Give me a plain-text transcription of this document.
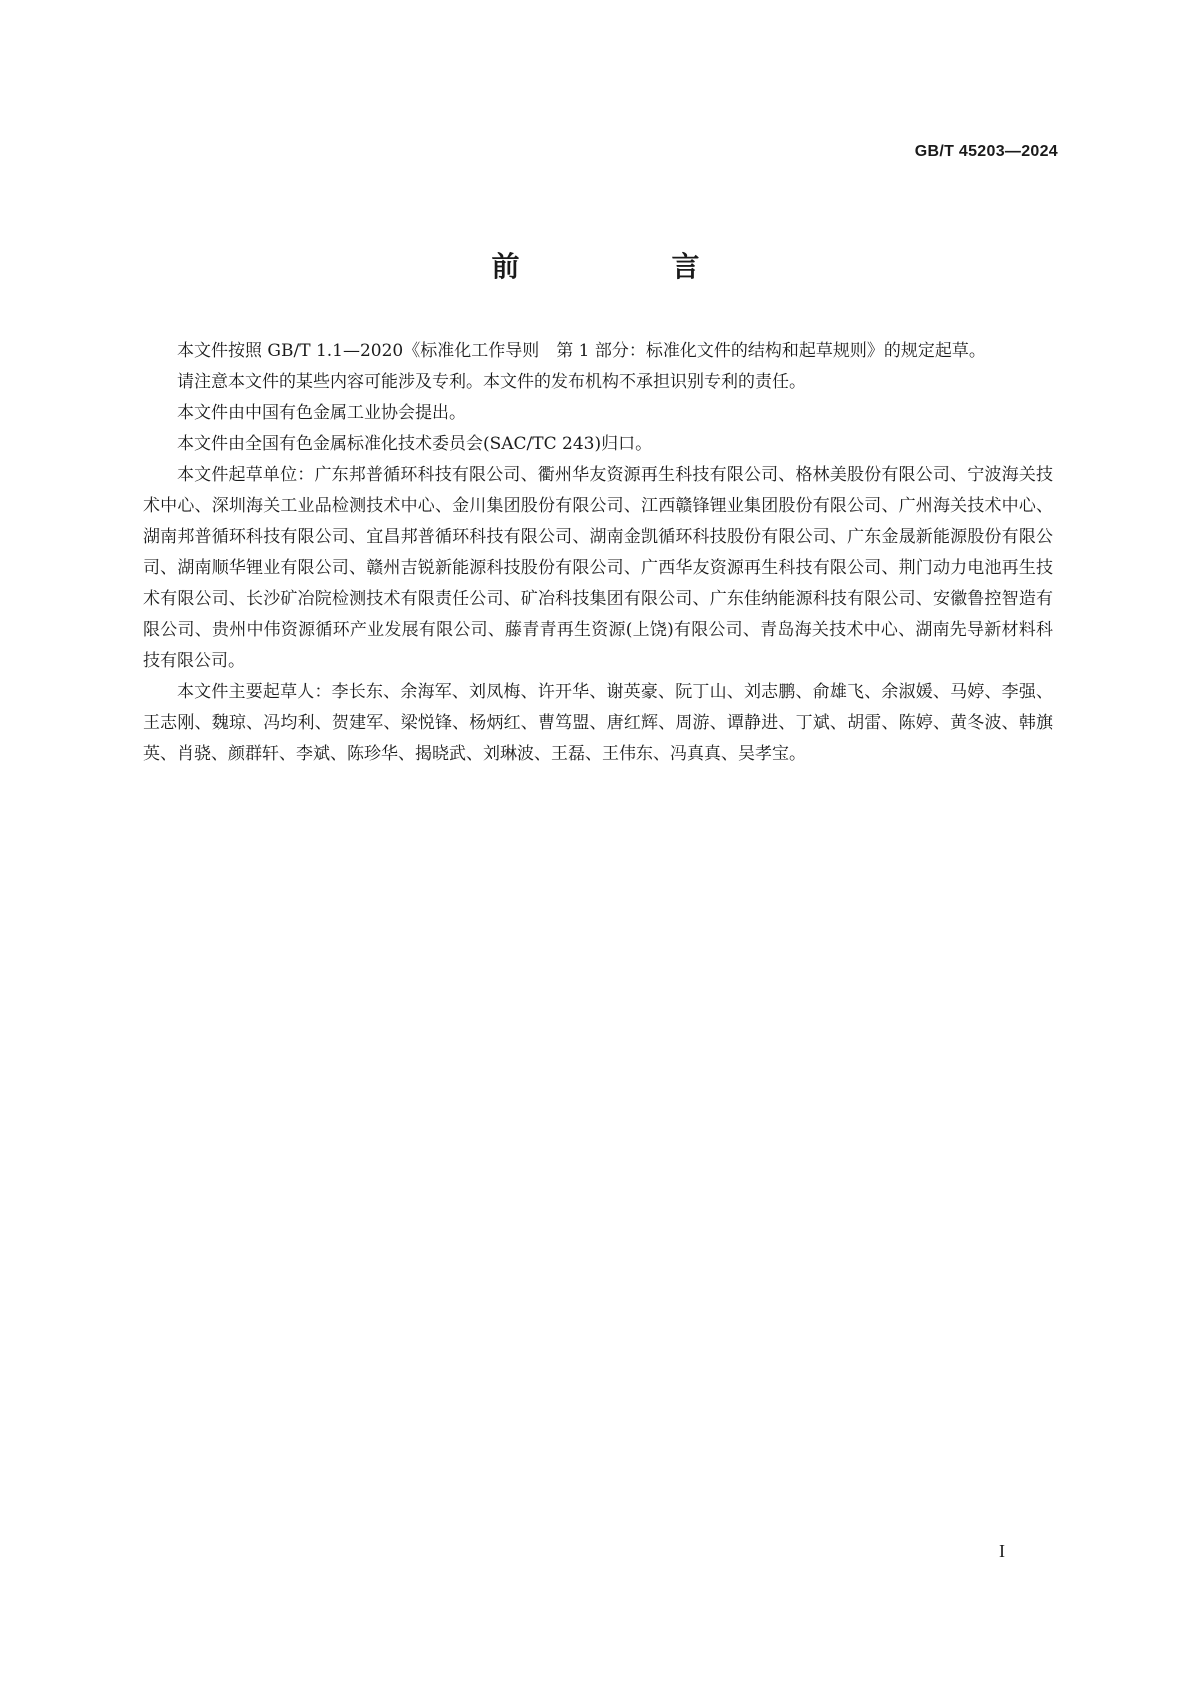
GB/T 45203—2024
前　言

本文件按照 GB/T 1.1—2020《标准化工作导则　第 1 部分：标准化文件的结构和起草规则》的规定起草。

请注意本文件的某些内容可能涉及专利。本文件的发布机构不承担识别专利的责任。

本文件由中国有色金属工业协会提出。

本文件由全国有色金属标准化技术委员会(SAC/TC 243)归口。

本文件起草单位：广东邦普循环科技有限公司、衢州华友资源再生科技有限公司、格林美股份有限公司、宁波海关技术中心、深圳海关工业品检测技术中心、金川集团股份有限公司、江西赣锋锂业集团股份有限公司、广州海关技术中心、湖南邦普循环科技有限公司、宜昌邦普循环科技有限公司、湖南金凯循环科技股份有限公司、广东金晟新能源股份有限公司、湖南顺华锂业有限公司、赣州吉锐新能源科技股份有限公司、广西华友资源再生科技有限公司、荆门动力电池再生技术有限公司、长沙矿冶院检测技术有限责任公司、矿冶科技集团有限公司、广东佳纳能源科技有限公司、安徽鲁控智造有限公司、贵州中伟资源循环产业发展有限公司、藤青青再生资源(上饶)有限公司、青岛海关技术中心、湖南先导新材料科技有限公司。

本文件主要起草人：李长东、余海军、刘凤梅、许开华、谢英豪、阮丁山、刘志鹏、俞雄飞、余淑媛、马婷、李强、王志刚、魏琼、冯均利、贺建军、梁悦锋、杨炳红、曹笃盟、唐红辉、周游、谭静进、丁斌、胡雷、陈婷、黄冬波、韩旗英、肖骁、颜群轩、李斌、陈珍华、揭晓武、刘琳波、王磊、王伟东、冯真真、吴孝宝。

I
